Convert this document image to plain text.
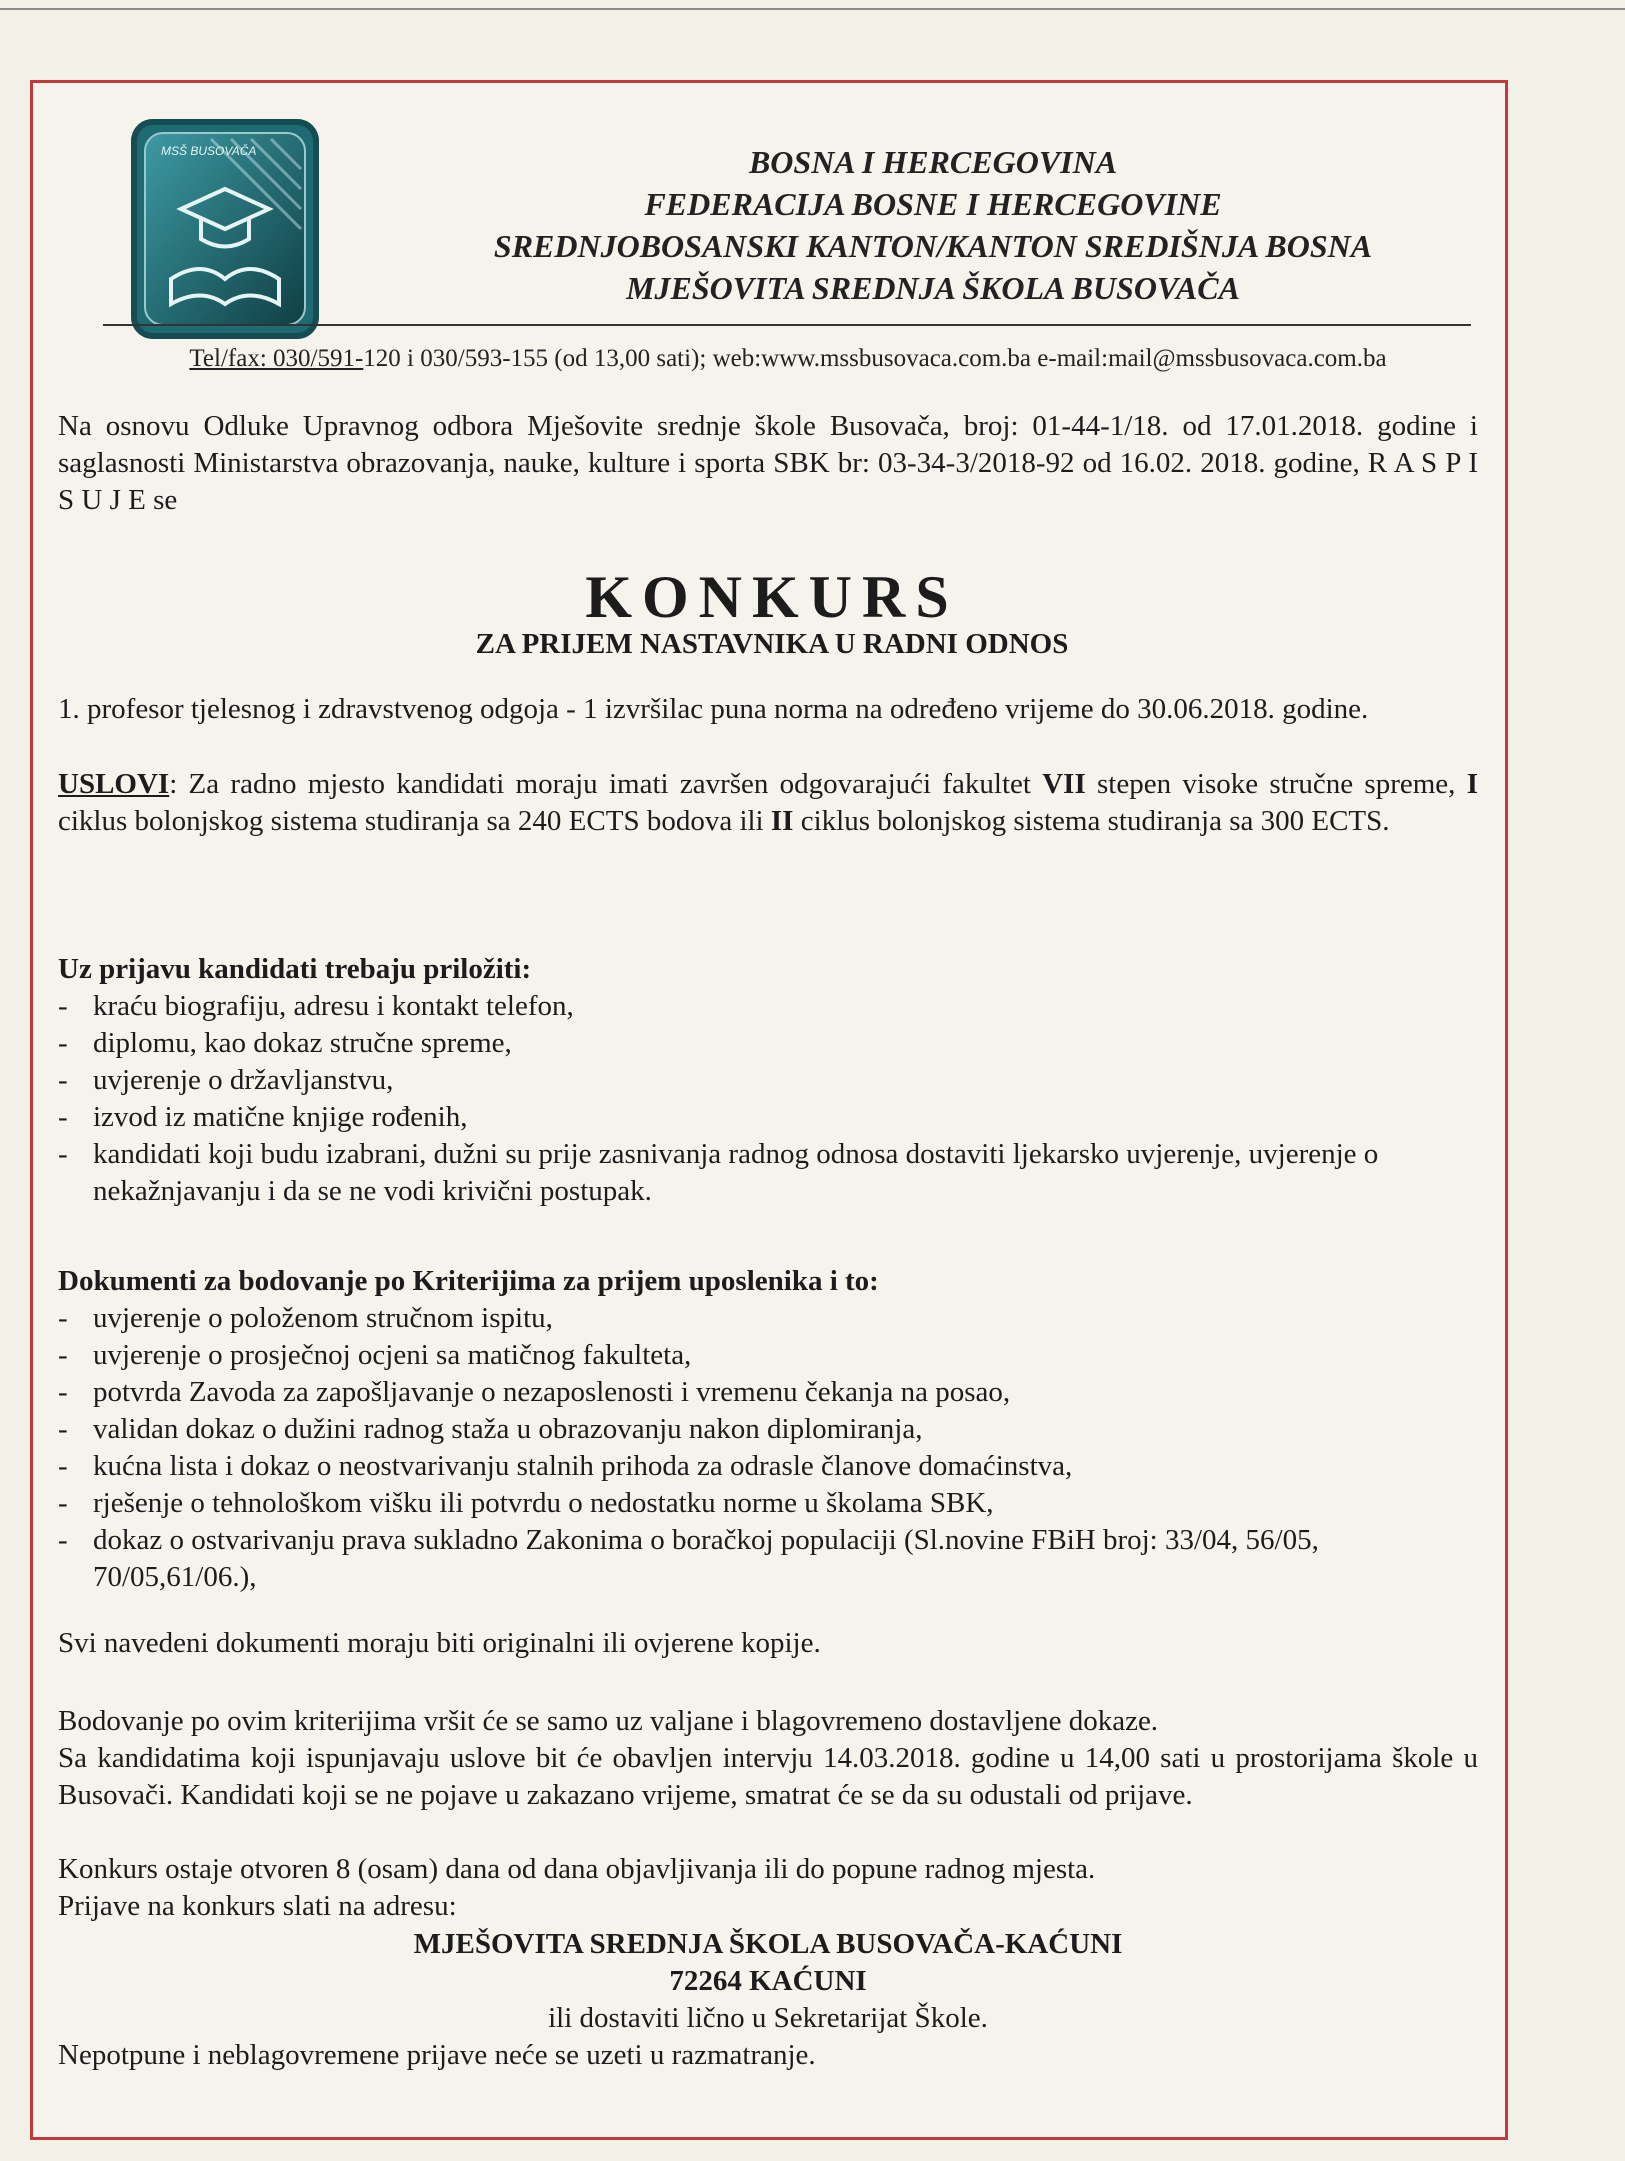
MSŠ BUSOVAČA	BOSNA I HERCEGOVINA
FEDERACIJA BOSNE I HERCEGOVINE
SREDNJOBOSANSKI KANTON/KANTON SREDIŠNJA BOSNA
MJEŠOVITA SREDNJA ŠKOLA BUSOVAČA
Tel/fax: 030/591-120 i 030/593-155 (od 13,00 sati); web:www.mssbusovaca.com.ba e-mail:mail@mssbusovaca.com.ba

Na osnovu Odluke Upravnog odbora Mješovite srednje škole Busovača, broj: 01-44-1/18. od 17.01.2018. godine i saglasnosti Ministarstva obrazovanja, nauke, kulture i sporta SBK br: 03-34-3/2018-92 od 16.02. 2018. godine, R A S P I S U J E se

KONKURS
ZA PRIJEM NASTAVNIKA U RADNI ODNOS

1. profesor tjelesnog i zdravstvenog odgoja - 1 izvršilac puna norma na određeno vrijeme do 30.06.2018. godine.

USLOVI: Za radno mjesto kandidati moraju imati završen odgovarajući fakultet VII stepen visoke stručne spreme, I ciklus bolonjskog sistema studiranja sa 240 ECTS bodova ili II ciklus bolonjskog sistema studiranja sa 300 ECTS.

Uz prijavu kandidati trebaju priložiti:

- kraću biografiju, adresu i kontakt telefon,
- diplomu, kao dokaz stručne spreme,
- uvjerenje o državljanstvu,
- izvod iz matične knjige rođenih,
- kandidati koji budu izabrani, dužni su prije zasnivanja radnog odnosa dostaviti ljekarsko uvjerenje, uvjerenje o nekažnjavanju i da se ne vodi krivični postupak.

Dokumenti za bodovanje po Kriterijima za prijem uposlenika i to:

- uvjerenje o položenom stručnom ispitu,
- uvjerenje o prosječnoj ocjeni sa matičnog fakulteta,
- potvrda Zavoda za zapošljavanje o nezaposlenosti i vremenu čekanja na posao,
- validan dokaz o dužini radnog staža u obrazovanju nakon diplomiranja,
- kućna lista i dokaz o neostvarivanju stalnih prihoda za odrasle članove domaćinstva,
- rješenje o tehnološkom višku ili potvrdu o nedostatku norme u školama SBK,
- dokaz o ostvarivanju prava sukladno Zakonima o boračkoj populaciji (Sl.novine FBiH broj: 33/04, 56/05, 70/05,61/06.),

Svi navedeni dokumenti moraju biti originalni ili ovjerene kopije.

Bodovanje po ovim kriterijima vršit će se samo uz valjane i blagovremeno dostavljene dokaze.

Sa kandidatima koji ispunjavaju uslove bit će obavljen intervju 14.03.2018. godine u 14,00 sati u prostorijama škole u Busovači. Kandidati koji se ne pojave u zakazano vrijeme, smatrat će se da su odustali od prijave.

Konkurs ostaje otvoren 8 (osam) dana od dana objavljivanja ili do popune radnog mjesta.

Prijave na konkurs slati na adresu:

MJEŠOVITA SREDNJA ŠKOLA BUSOVAČA-KAĆUNI

72264 KAĆUNI

ili dostaviti lično u Sekretarijat Škole.

Nepotpune i neblagovremene prijave neće se uzeti u razmatranje.
